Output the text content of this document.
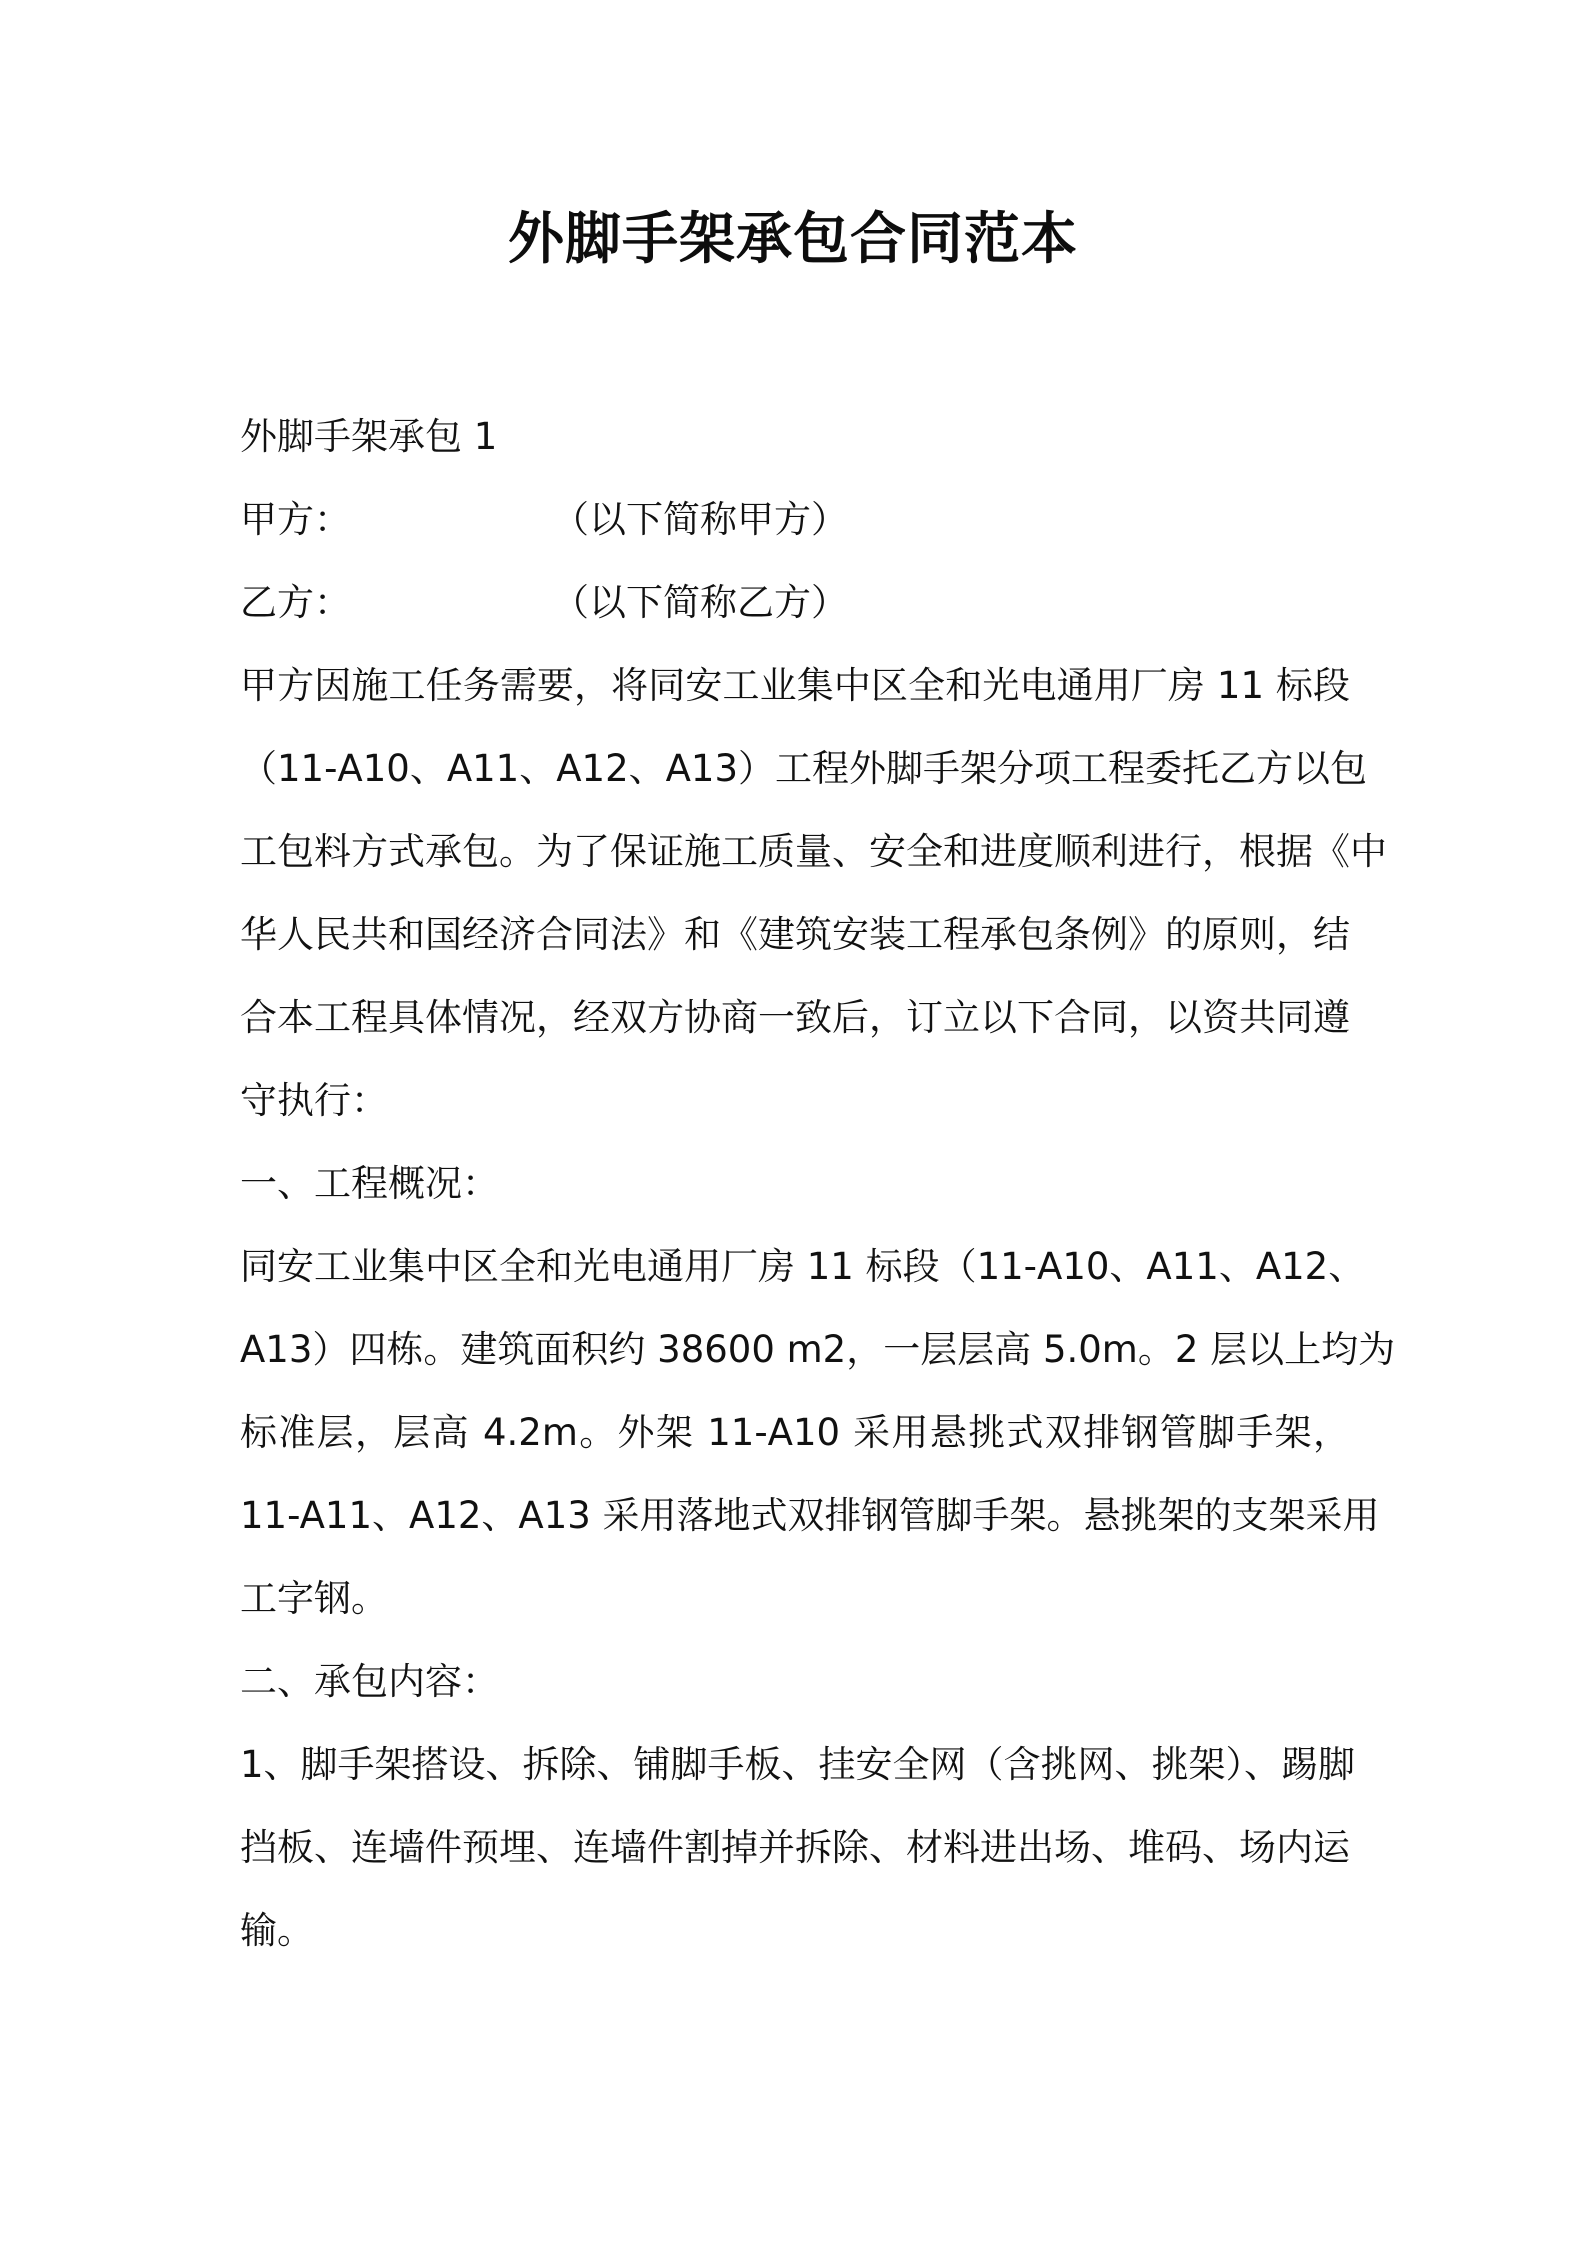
外脚手架承包合同范本
外脚手架承包 1
甲方：	（以下简称甲方）
乙方：	（以下简称乙方）
甲方因施工任务需要，将同安工业集中区全和光电通用厂房 11 标段
（11-A10、A11、A12、A13）工程外脚手架分项工程委托乙方以包
工包料方式承包。为了保证施工质量、安全和进度顺利进行，根据《中
华人民共和国经济合同法》和《建筑安装工程承包条例》的原则，结
合本工程具体情况，经双方协商一致后，订立以下合同，以资共同遵
守执行：
一、工程概况：
同安工业集中区全和光电通用厂房 11 标段（11-A10、A11、A12、
A13）四栋。建筑面积约 38600 m2，一层层高 5.0m。2 层以上均为
标准层，层高 4.2m。外架 11-A10 采用悬挑式双排钢管脚手架，
11-A11、A12、A13 采用落地式双排钢管脚手架。悬挑架的支架采用
工字钢。
二、承包内容：
1、脚手架搭设、拆除、铺脚手板、挂安全网（含挑网、挑架）、踢脚
挡板、连墙件预埋、连墙件割掉并拆除、材料进出场、堆码、场内运
输。
